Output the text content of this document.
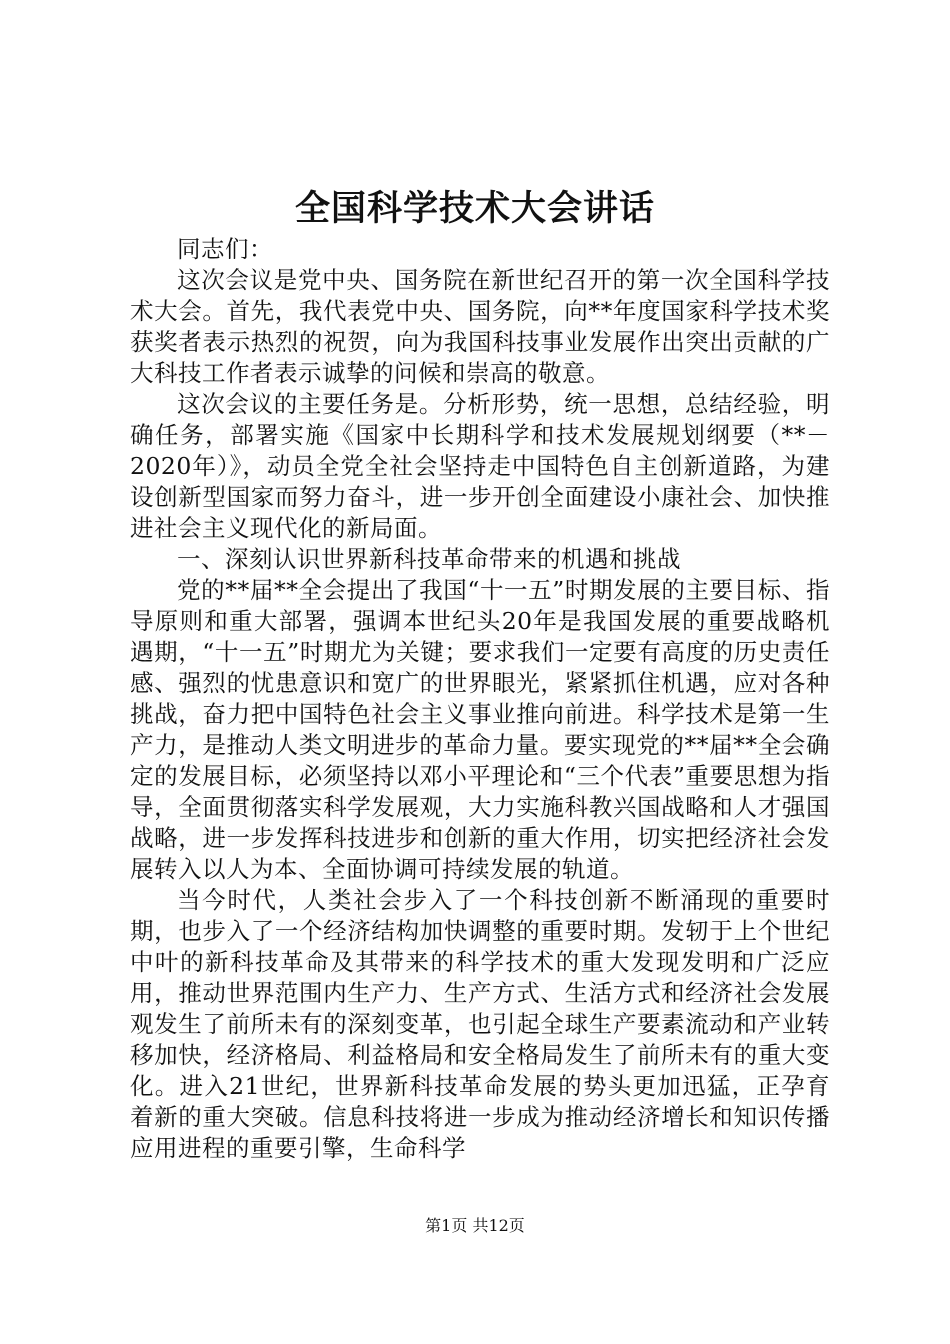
全国科学技术大会讲话

同志们：

这次会议是党中央、国务院在新世纪召开的第一次全国科学技术大会。首先，我代表党中央、国务院，向**年度国家科学技术奖获奖者表示热烈的祝贺，向为我国科技事业发展作出突出贡献的广大科技工作者表示诚挚的问候和崇高的敬意。

这次会议的主要任务是。分析形势，统一思想，总结经验，明确任务，部署实施《国家中长期科学和技术发展规划纲要（**－2020年）》，动员全党全社会坚持走中国特色自主创新道路，为建设创新型国家而努力奋斗，进一步开创全面建设小康社会、加快推进社会主义现代化的新局面。

一、深刻认识世界新科技革命带来的机遇和挑战

党的**届**全会提出了我国“十一五”时期发展的主要目标、指导原则和重大部署，强调本世纪头20年是我国发展的重要战略机遇期，“十一五”时期尤为关键；要求我们一定要有高度的历史责任感、强烈的忧患意识和宽广的世界眼光，紧紧抓住机遇，应对各种挑战，奋力把中国特色社会主义事业推向前进。科学技术是第一生产力，是推动人类文明进步的革命力量。要实现党的**届**全会确定的发展目标，必须坚持以邓小平理论和“三个代表”重要思想为指导，全面贯彻落实科学发展观，大力实施科教兴国战略和人才强国战略，进一步发挥科技进步和创新的重大作用，切实把经济社会发展转入以人为本、全面协调可持续发展的轨道。

当今时代，人类社会步入了一个科技创新不断涌现的重要时期，也步入了一个经济结构加快调整的重要时期。发轫于上个世纪中叶的新科技革命及其带来的科学技术的重大发现发明和广泛应用，推动世界范围内生产力、生产方式、生活方式和经济社会发展观发生了前所未有的深刻变革，也引起全球生产要素流动和产业转移加快，经济格局、利益格局和安全格局发生了前所未有的重大变化。进入21世纪，世界新科技革命发展的势头更加迅猛，正孕育着新的重大突破。信息科技将进一步成为推动经济增长和知识传播应用进程的重要引擎，生命科学

第1页 共12页
